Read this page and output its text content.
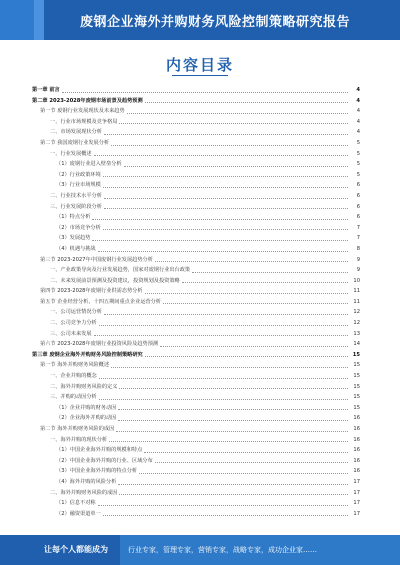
废钢企业海外并购财务风险控制策略研究报告
内容目录
第一章 前言	4
第二章 2023-2028年废钢市场前景及趋势预测	4
第一节 废钢行业发展现状及未来趋势	4
一、行业市场规模及竞争格局	4
二、市场发展现状分析	4
第二节 我国废钢行业发展分析	5
一、行业发展概述	5
（1）废钢行业进入壁垒分析	5
（2）行业政策环境	5
（3）行业市场规模	6
二、行业技术水平分析	6
三、行业发展阶段分析	6
（1）特点分析	6
（2）市场竞争分析	7
（3）发展趋势	7
（4）机遇与挑战	8
第三节 2023-2027年中国废钢行业发展趋势分析	9
一、产业政策导向及行业发展趋势，国家对废钢行业出台政策	9
二、未来发展前景预测及投资建议，投资规划及投资策略	10
第四节 2023-2028年废钢行业供需态势分析	11
第五节 企业经营分析，十四五期间重点企业运营分析	11
一、公司运营情况分析	12
二、公司竞争力分析	12
三、公司未来发展	13
第六节 2023-2028年废钢行业投资风险及趋势预测	14
第三章 废钢企业海外并购财务风险控制策略研究	15
第一节 海外并购财务风险概述	15
一、企业并购的概念	15
二、海外并购财务风险的定义	15
三、并购的动因分析	15
（1）企业并购的财务动因	15
（2）企业海外并购的动因	16
第二节 海外并购财务风险的成因	16
一、海外并购的现状分析	16
（1）中国企业海外并购的规模和特点	16
（2）中国企业海外并购的行业、区域分布	16
（3）中国企业海外并购的特点分析	16
（4）海外并购的风险分析	17
二、海外并购财务风险的成因	17
（1）信息不对称	17
（2）融资渠道单一	17
让每个人都能成为	行业专家，管理专家，营销专家，战略专家，成功企业家……
